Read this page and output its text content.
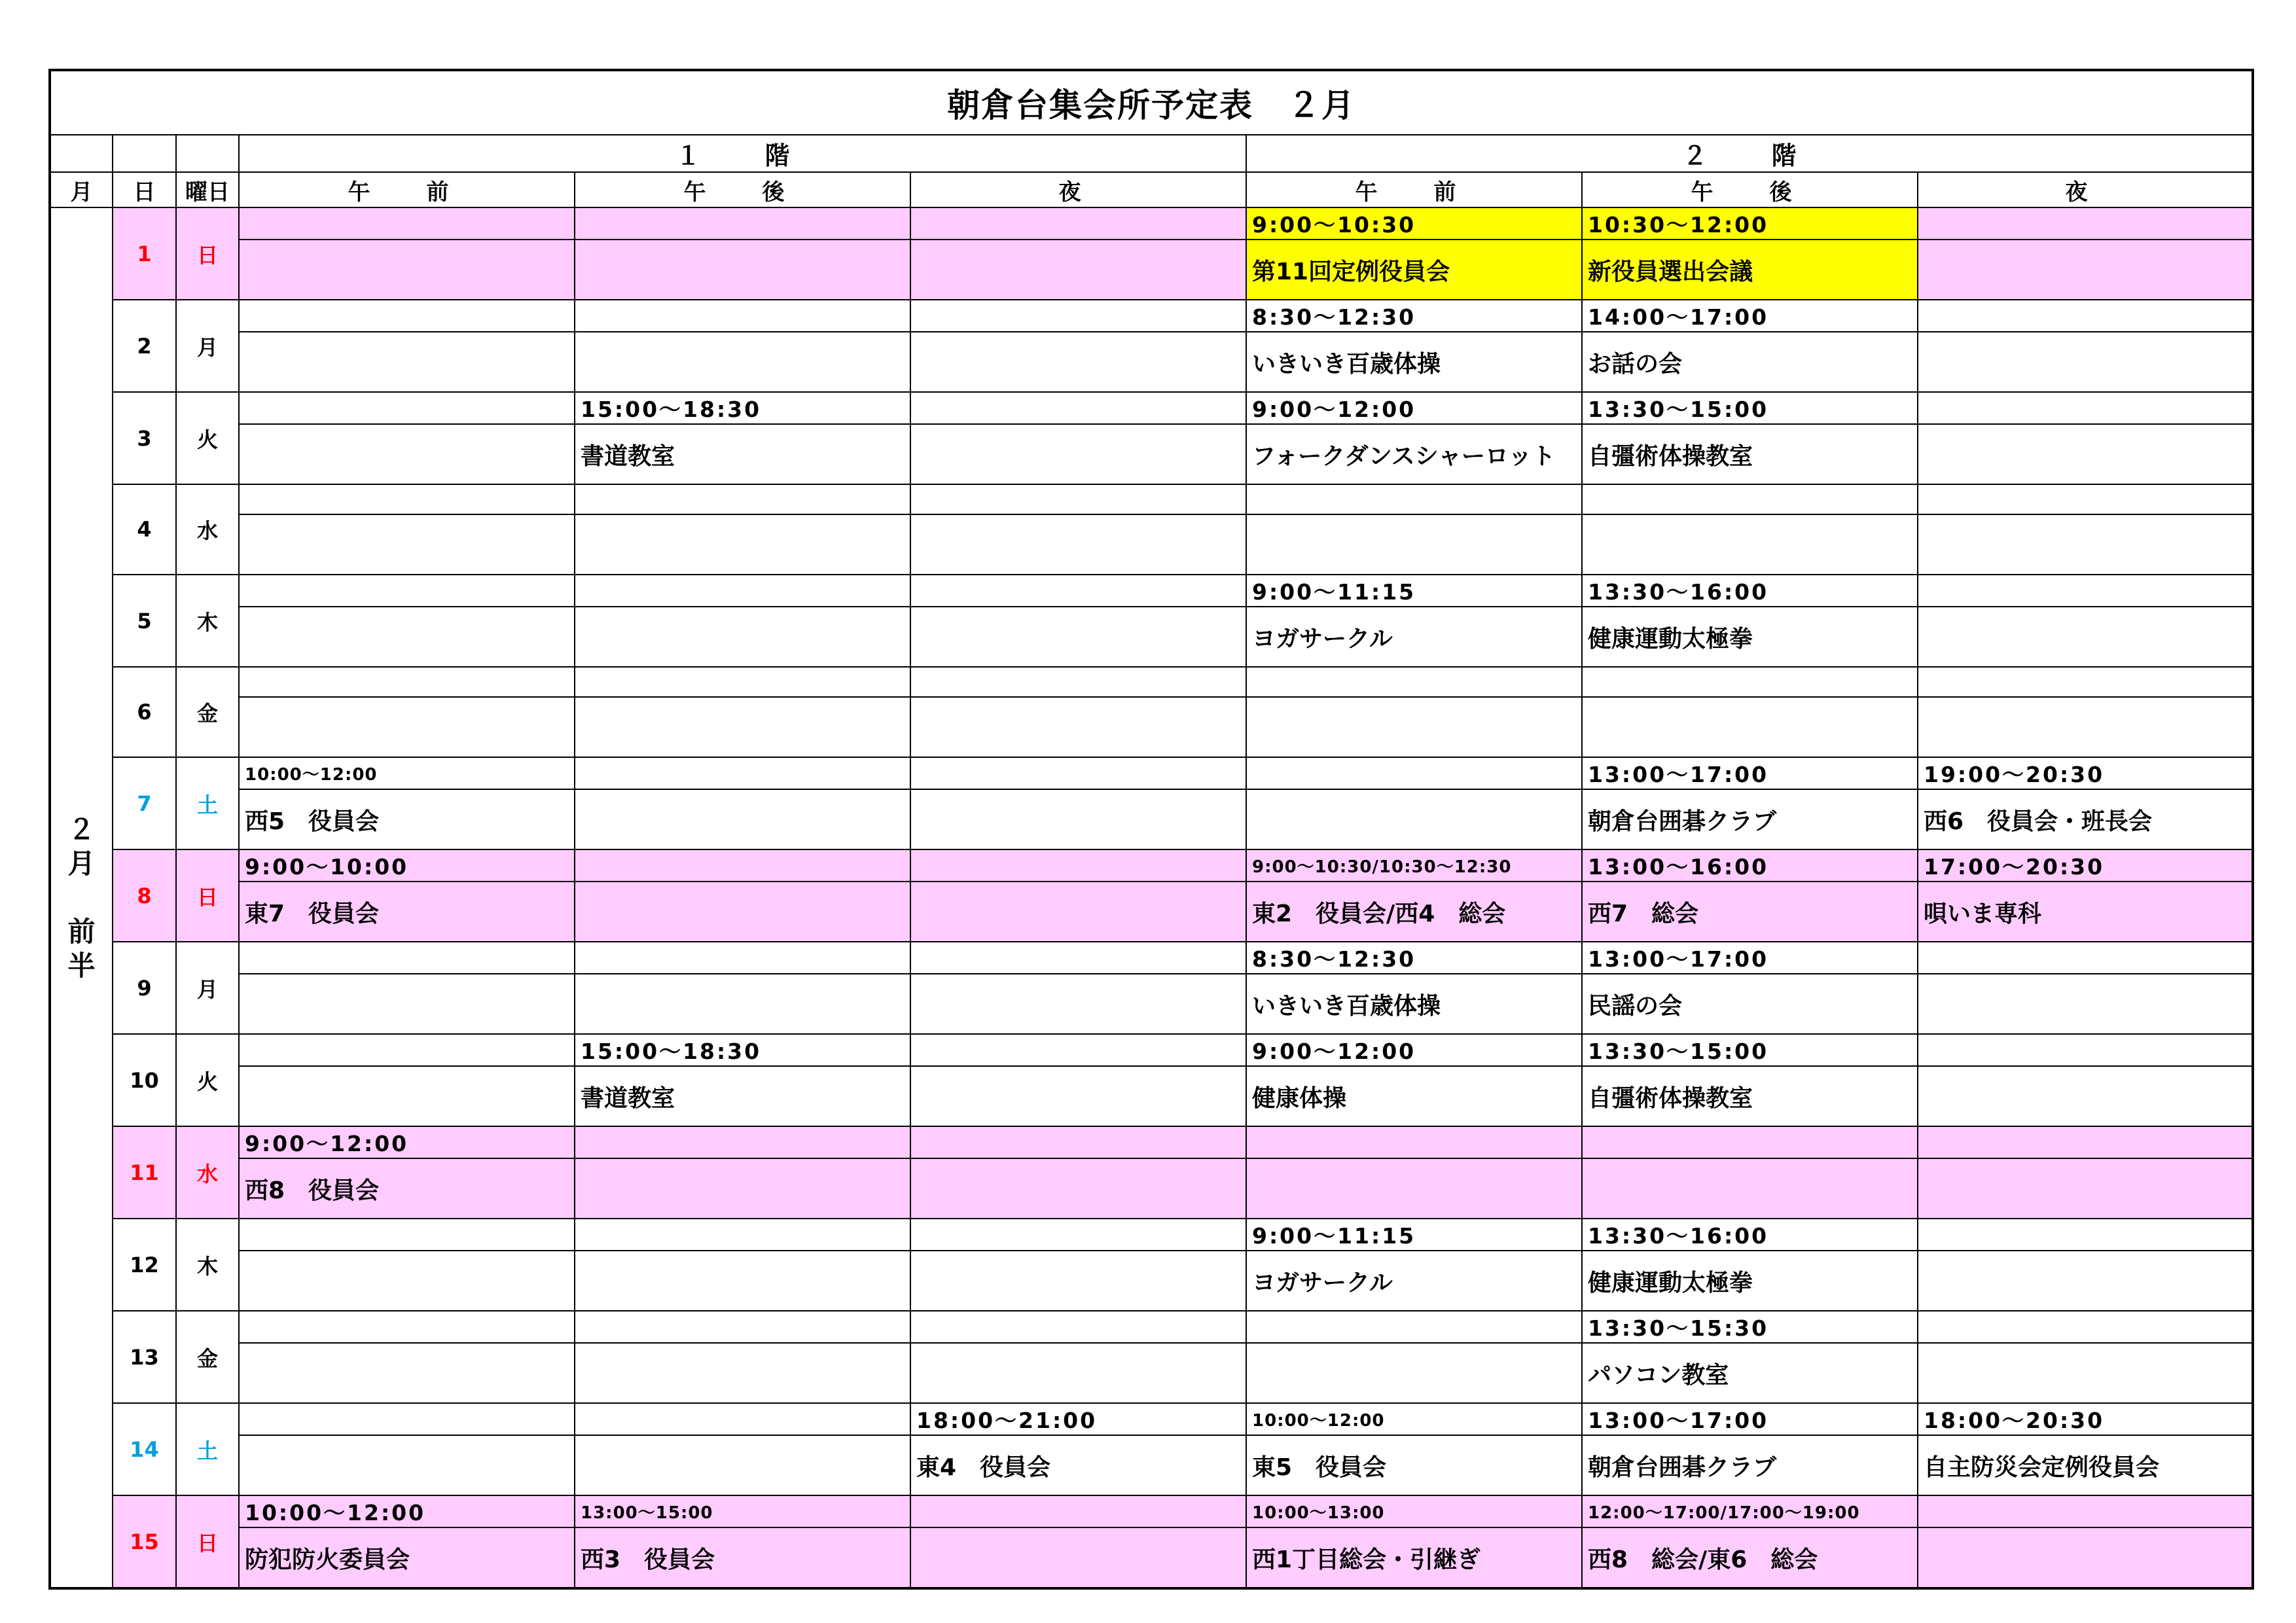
朝倉台集会所予定表　２月								
			１　階			２　階		
月	日	曜日	午　前	午　後	夜	午　前	午　後	夜
２
月

前
半	1	日				9:00～10:30	10:30～12:00	
						第11回定例役員会	新役員選出会議	
	2	月				8:30～12:30	14:00～17:00	
						いきいき百歳体操	お話の会	
	3	火		15:00～18:30		9:00～12:00	13:30～15:00	
				書道教室		フォークダンスシャーロット	自彊術体操教室	
	4	水						

	5	木				9:00～11:15	13:30～16:00	
						ヨガサークル	健康運動太極拳	
	6	金						

	7	土	10:00～12:00				13:00～17:00	19:00～20:30
			西5　役員会				朝倉台囲碁クラブ	西6　役員会・班長会
	8	日	9:00～10:00			9:00～10:30/10:30～12:30	13:00～16:00	17:00～20:30
			東7　役員会			東2　役員会/西4　総会	西7　総会	唄いま専科
	9	月				8:30～12:30	13:00～17:00	
						いきいき百歳体操	民謡の会	
	10	火		15:00～18:30		9:00～12:00	13:30～15:00	
				書道教室		健康体操	自彊術体操教室	
	11	水	9:00～12:00					
			西8　役員会					
	12	木				9:00～11:15	13:30～16:00	
						ヨガサークル	健康運動太極拳	
	13	金					13:30～15:30	
							パソコン教室	
	14	土			18:00～21:00	10:00～12:00	13:00～17:00	18:00～20:30
					東4　役員会	東5　役員会	朝倉台囲碁クラブ	自主防災会定例役員会
	15	日	10:00～12:00	13:00～15:00		10:00～13:00	12:00～17:00/17:00～19:00	
			防犯防火委員会	西3　役員会		西1丁目総会・引継ぎ	西8　総会/東6　総会	
